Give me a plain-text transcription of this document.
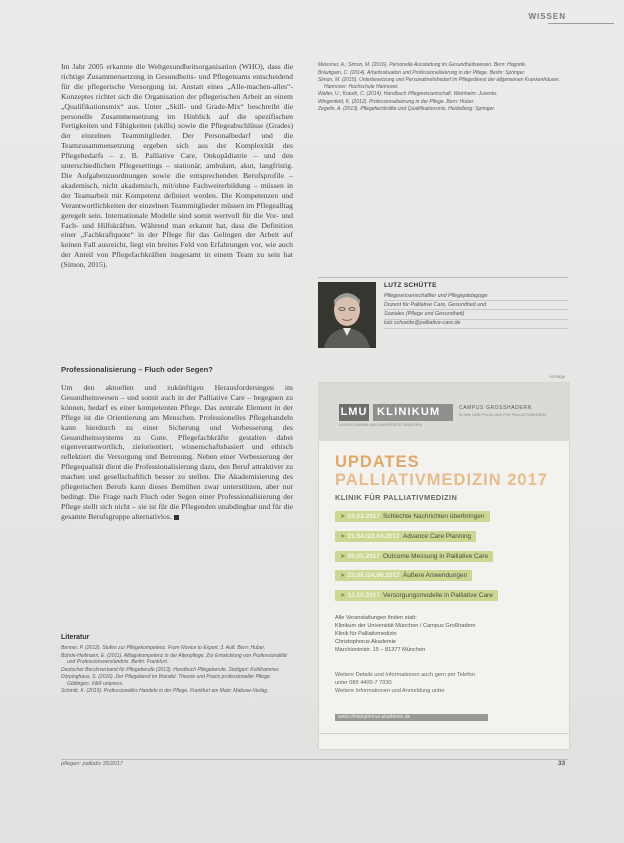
WISSEN

Im Jahr 2005 erkannte die Weltgesundheitsorganisation (WHO), dass die richtige Zusammensetzung in Gesundheits- und Pflegeteams entscheidend für die pflegerische Versorgung ist. Anstatt eines „Alle-machen-alles“-Konzeptes richtet sich die Organisation der pflegerischen Arbeit an einem „Qualifikationsmix“ aus. Unter „Skill- und Grade-Mix“ beschreibt die personelle Zusammensetzung im Hinblick auf die spezifischen Fertigkeiten und Fähigkeiten (skills) sowie die Pflegeabschlüsse (Grades) der einzelnen Teammitglieder. Der Personalbedarf und die Teamzusammensetzung ergeben sich aus der Komplexität des Pflegebedarfs – z. B. Palliative Care, Onkopädiatrie – und den unterschiedlichen Pflegesettings – stationär, ambulant, akut, langfristig. Die Aufgabenzuordnungen sowie die entsprechenden Berufsprofile – akademisch, nicht akademisch, mit/ohne Fachweiterbildung – müssen in der Teamarbeit mit Kompetenz definiert werden. Die Kompetenzen und Verantwortlichkeiten der einzelnen Teammitglieder müssen im Pflegealltag geregelt sein. Internationale Modelle sind somit wertvoll für die Vor- und Fach- und Hilfskräften. Während man erkannt hat, dass die Definition einer „Fachkraftquote“ in der Pflege für das Gelingen der Arbeit auf keinen Fall ausreicht, liegt ein breites Feld von Erfahrungen vor, wie auch der Anteil von Pflegefachkräften insgesamt in einem Team zu sein hat (Simon, 2015).

Professionalisierung – Fluch oder Segen?

Um den aktuellen und zukünftigen Herausforderungen im Gesundheitswesen – und somit auch in der Palliative Care – begegnen zu können, bedarf es einer kompetenten Pflege. Das zentrale Element in der Pflege ist die Orientierung am Menschen. Professionelles Pflegehandeln kann hierdurch zu einer Sicherung und Verbesserung des Gesundheitssystems zu Gute. Pflegefachkräfte gestalten dabei eigenverantwortlich, zielorientiert, wissenschaftsbasiert und ethisch reflektiert die Versorgung und Betreuung. Neben einer Verbesserung der Pflegequalität dient die Professionalisierung dazu, den Beruf attraktiver zu machen und gesellschaftlich besser zu stellen. Die Akademisierung des pflegerischen Berufs kann dieses Bemühen zwar unterstützen, aber nur bedingt. Die Frage nach Fluch oder Segen einer Professionalisierung der Pflege stellt sich nicht – sie ist für die Pflegenden unabdingbar und für die gesamte Berufsgruppe alternativlos.

Literatur
Benner, P. (2012). Stufen zur Pflegekompetenz. From Novice to Expert. 3. Aufl. Bern: Huber.
Bührle-Heilmann, E. (2011). Alltagskompetenz in der Altenpflege. Zur Entwicklung von Professionalität und Professionsverständnis. Berlin: Frankfurt.
Deutscher Berufsverband für Pflegeberufe (2013). Handbuch Pflegeberufe. Stuttgart: Kohlhammer.
Dörpinghaus, S. (2016). Der Pflegeberuf im Wandel. Theorie und Praxis professioneller Pflege. Göttingen: V&R unipress.
Schmitt, K. (2015). Professionelles Handeln in der Pflege. Frankfurt am Main: Mabuse-Verlag.
Meissner, A.; Simon, M. (2016). Personelle Ausstattung im Gesundheitswesen. Bern: Hogrefe.
Bräutigam, C. (2014). Arbeitssituation und Professionalisierung in der Pflege. Berlin: Springer.
Simon, M. (2015). Unterbesetzung und Personalmehrbedarf im Pflegedienst der allgemeinen Krankenhäuser. Hannover: Hochschule Hannover.
Walter, U.; Krauth, C. (2014). Handbuch Pflegewissenschaft. Weinheim: Juventa.
Wingenfeld, K. (2012). Professionalisierung in der Pflege. Bern: Huber.
Zegelin, A. (2013). Pflegefachkräfte und Qualifikationsmix. Heidelberg: Springer.
LUTZ SCHÜTTE
Pflegewissenschaftler und Pflegepädagoge
Dozent für Palliative Care, Gesundheit und
Soziales (Pflege und Gesundheit)
lutz.schuette@palliative-care.de
Anzeige
LMU KLINIKUM
LUDWIG-MAXIMILIANS-UNIVERSITÄT MÜNCHEN
CAMPUS GROSSHADERN
KLINIK UND POLIKLINIK FÜR PALLIATIVMEDIZIN
UPDATES
PALLIATIVMEDIZIN 2017
KLINIK FÜR PALLIATIVMEDIZIN
➤ 03.03.2017 Schlechte Nachrichten überbringen
➤ 21.04./22.04.2017 Advance Care Planning
➤ 05.05.2017 Outcome Messung in Palliative Care
➤ 23.06./24.06.2017 Äußere Anwendungen
➤ 13.10.2017 Versorgungsmodelle in Palliative Care
Alle Veranstaltungen finden statt:
Klinikum der Universität München / Campus Großhadern
Klinik für Palliativmedizin
Christophorus Akademie
Marchioninistr. 15 – 81377 München
Weitere Details und Informationen auch gern per Telefon
unter 089 4400-7 7930
Weitere Informationen und Anmeldung unter
www.christophorus-akademie.de
pflegen: palliativ 35/2017	33
